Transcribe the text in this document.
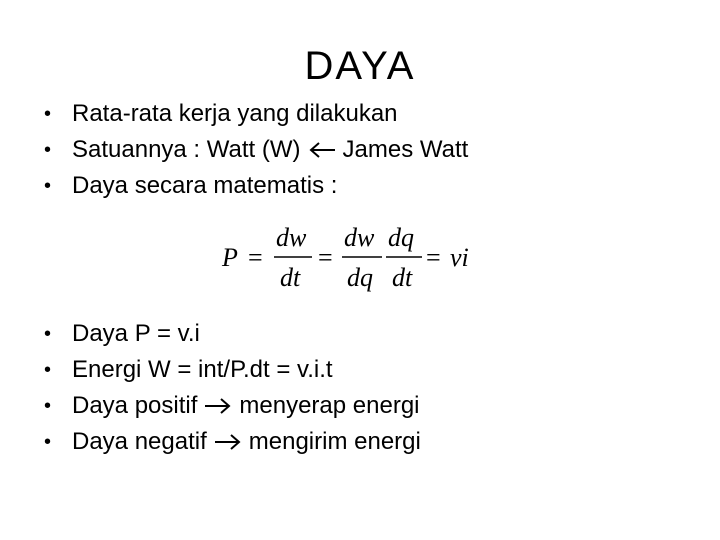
DAYA
• Rata-rata kerja yang dilakukan
• Satuannya : Watt (W) James Watt
• Daya secara matematis :
P =
dw
dt
=
dw
dq
dq
dt
= vi
• Daya P = v.i
• Energi W = int/P.dt = v.i.t
• Daya positif menyerap energi
• Daya negatif mengirim energi
